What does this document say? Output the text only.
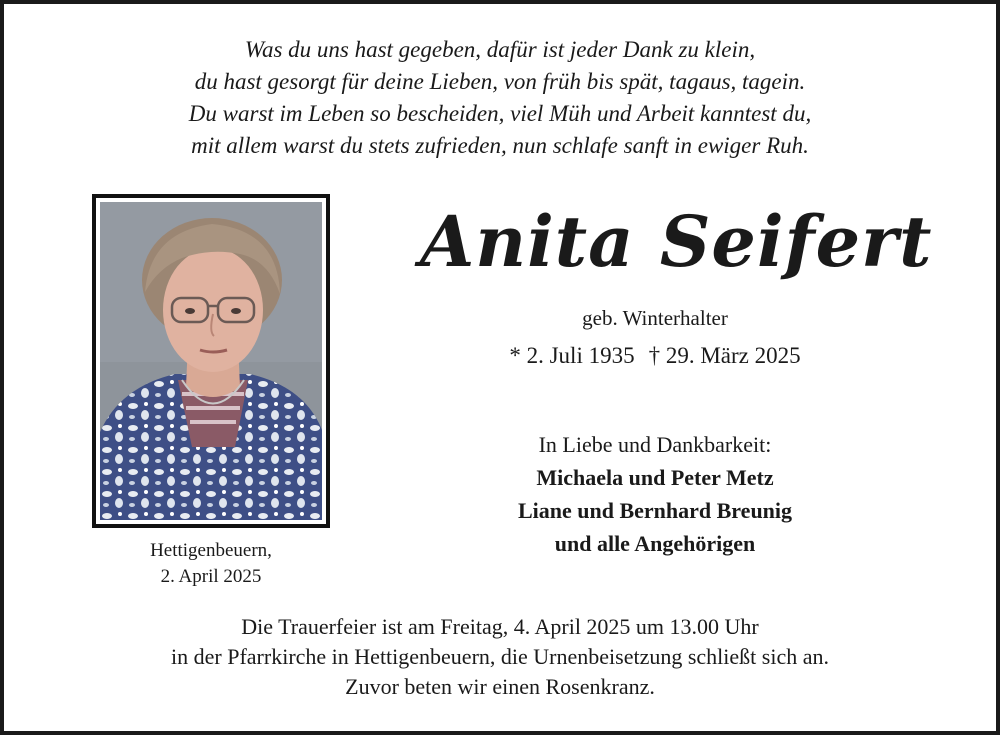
Was du uns hast gegeben, dafür ist jeder Dank zu klein,
du hast gesorgt für deine Lieben, von früh bis spät, tagaus, tagein.
Du warst im Leben so bescheiden, viel Müh und Arbeit kanntest du,
mit allem warst du stets zufrieden, nun schlafe sanft in ewiger Ruh.
Hettigenbeuern,
2. April 2025
Anita Seifert
geb. Winterhalter
* 2. Juli 1935 † 29. März 2025
In Liebe und Dankbarkeit:
Michaela und Peter Metz
Liane und Bernhard Breunig
und alle Angehörigen
Die Trauerfeier ist am Freitag, 4. April 2025 um 13.00 Uhr
in der Pfarrkirche in Hettigenbeuern, die Urnenbeisetzung schließt sich an.
Zuvor beten wir einen Rosenkranz.
